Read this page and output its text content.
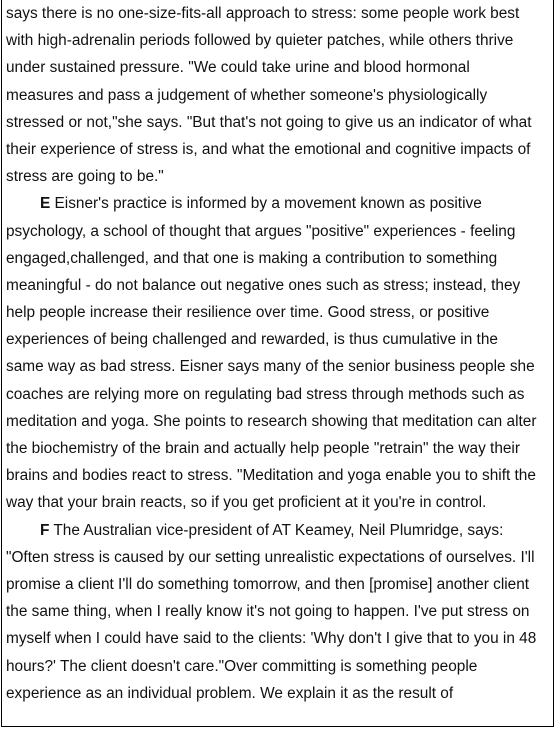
says there is no one-size-fits-all approach to stress: some people work best
with high-adrenalin periods followed by quieter patches, while others thrive
under sustained pressure. "We could take urine and blood hormonal
measures and pass a judgement of whether someone's physiologically
stressed or not,"she says. "But that's not going to give us an indicator of what
their experience of stress is, and what the emotional and cognitive impacts of
stress are going to be."
E Eisner's practice is informed by a movement known as positive
psychology, a school of thought that argues "positive" experiences - feeling
engaged,challenged, and that one is making a contribution to something
meaningful - do not balance out negative ones such as stress; instead, they
help people increase their resilience over time. Good stress, or positive
experiences of being challenged and rewarded, is thus cumulative in the
same way as bad stress. Eisner says many of the senior business people she
coaches are relying more on regulating bad stress through methods such as
meditation and yoga. She points to research showing that meditation can alter
the biochemistry of the brain and actually help people "retrain" the way their
brains and bodies react to stress. "Meditation and yoga enable you to shift the
way that your brain reacts, so if you get proficient at it you're in control.
F The Australian vice-president of AT Keamey, Neil Plumridge, says:
"Often stress is caused by our setting unrealistic expectations of ourselves. I'll
promise a client I'll do something tomorrow, and then [promise] another client
the same thing, when I really know it's not going to happen. I've put stress on
myself when I could have said to the clients: 'Why don't I give that to you in 48
hours?' The client doesn't care."Over committing is something people
experience as an individual problem. We explain it as the result of
